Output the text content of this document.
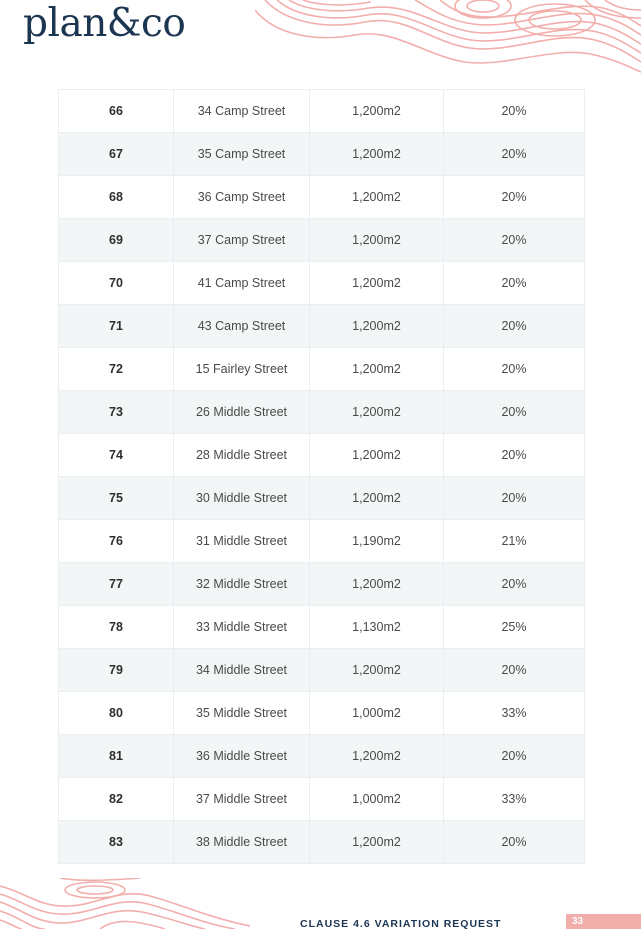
plan&co
66	34 Camp Street	1,200m2	20%
67	35 Camp Street	1,200m2	20%
68	36 Camp Street	1,200m2	20%
69	37 Camp Street	1,200m2	20%
70	41 Camp Street	1,200m2	20%
71	43 Camp Street	1,200m2	20%
72	15 Fairley Street	1,200m2	20%
73	26 Middle Street	1,200m2	20%
74	28 Middle Street	1,200m2	20%
75	30 Middle Street	1,200m2	20%
76	31 Middle Street	1,190m2	21%
77	32 Middle Street	1,200m2	20%
78	33 Middle Street	1,130m2	25%
79	34 Middle Street	1,200m2	20%
80	35 Middle Street	1,000m2	33%
81	36 Middle Street	1,200m2	20%
82	37 Middle Street	1,000m2	33%
83	38 Middle Street	1,200m2	20%
CLAUSE 4.6 VARIATION REQUEST	33
